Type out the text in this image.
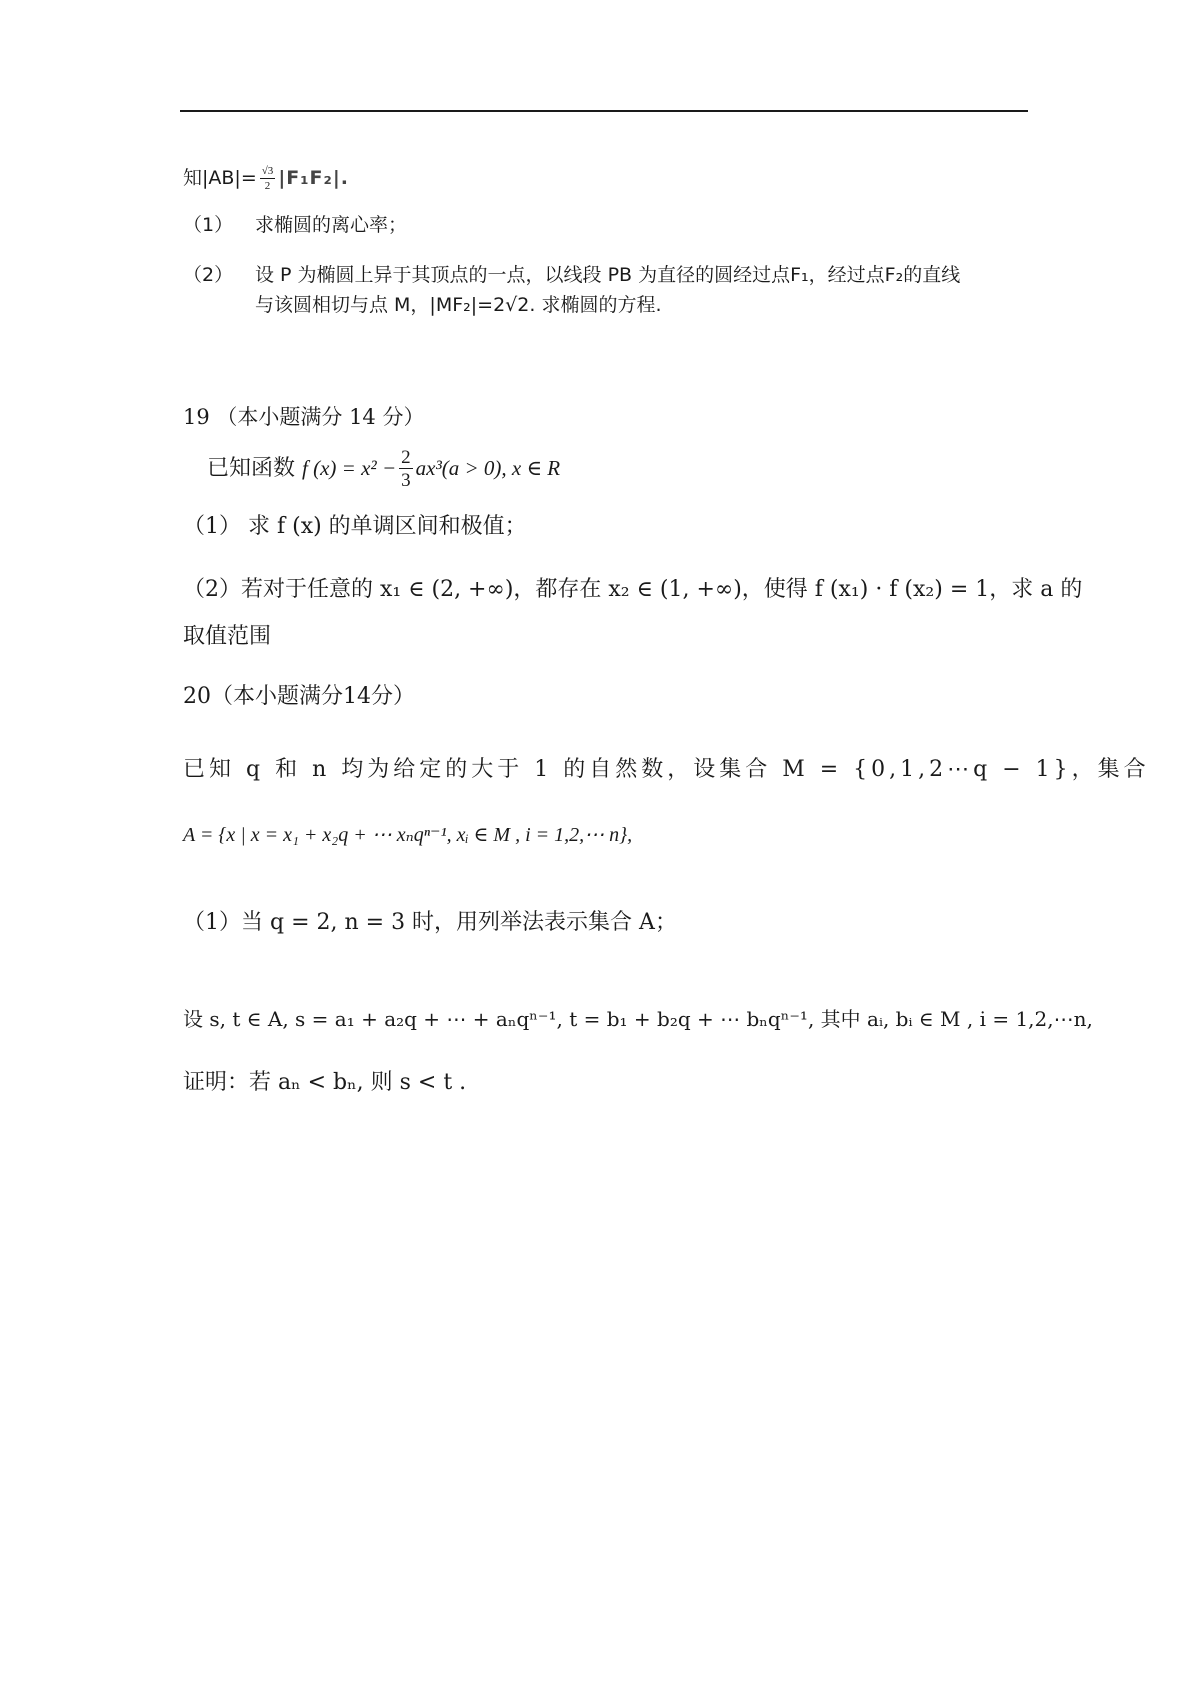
知$|AB|= \frac{√3}{2} |F_1F_2|$.
（1） 求椭圆的离心率；
（2） 设 P 为椭圆上异于其顶点的一点，以线段 PB 为直径的圆经过点F₁，经过点F₂的直线
与该圆相切与点 M，|MF₂|=2√2. 求椭圆的方程.
19 （本小题满分 14 分）
已知函数 f $(x) = x^2 - \frac{2}{3} ax^3(a > 0)$, x ∈ R
（1） 求 f (x) 的单调区间和极值；
（2）若对于任意的 x₁ ∈ (2, +∞)，都存在 x₂ ∈ (1, +∞)，使得 f (x₁) · f (x₂) = 1，求 a 的
取值范围
20（本小题满分14分）
已知 q 和 n 均为给定的大于 1 的自然数，设集合 M = {0,1,2⋯q − 1}，集合
A = {x | x = x₁ + x₂q + ⋯ xₙqⁿ⁻¹, xᵢ ∈ M , i = 1,2,⋯ n},
（1）当 q = 2, n = 3 时，用列举法表示集合 A；
设 s, t ∈ A, s = a₁ + a₂q + ⋯ + aₙqⁿ⁻¹, t = b₁ + b₂q + ⋯ bₙqⁿ⁻¹, 其中 aᵢ, bᵢ ∈ M , i = 1,2,⋯n,
证明：若 aₙ < bₙ, 则 s < t .
